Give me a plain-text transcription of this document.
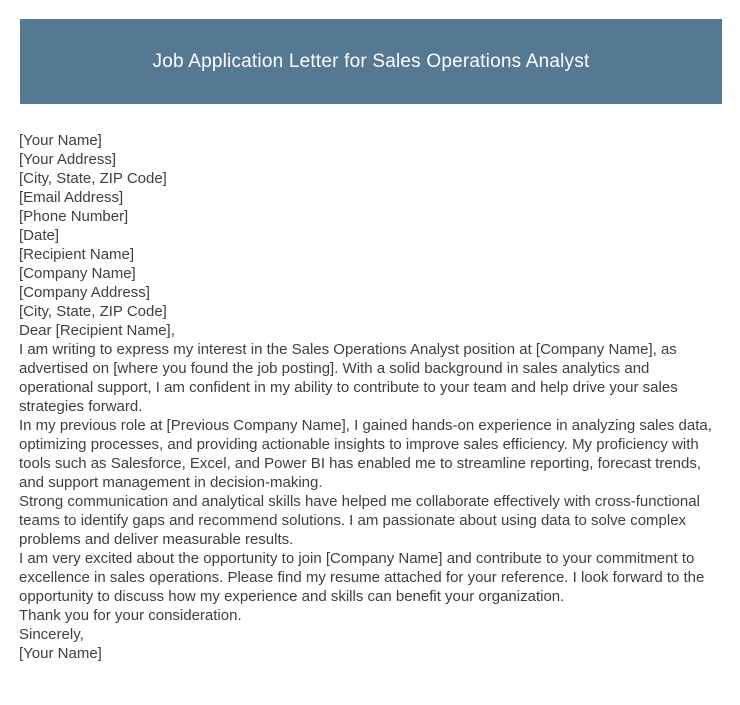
Job Application Letter for Sales Operations Analyst
[Your Name]
[Your Address]
[City, State, ZIP Code]
[Email Address]
[Phone Number]
[Date]
[Recipient Name]
[Company Name]
[Company Address]
[City, State, ZIP Code]
Dear [Recipient Name],

I am writing to express my interest in the Sales Operations Analyst position at [Company Name], as advertised on [where you found the job posting]. With a solid background in sales analytics and operational support, I am confident in my ability to contribute to your team and help drive your sales strategies forward.

In my previous role at [Previous Company Name], I gained hands-on experience in analyzing sales data, optimizing processes, and providing actionable insights to improve sales efficiency. My proficiency with tools such as Salesforce, Excel, and Power BI has enabled me to streamline reporting, forecast trends, and support management in decision-making.

Strong communication and analytical skills have helped me collaborate effectively with cross-functional teams to identify gaps and recommend solutions. I am passionate about using data to solve complex problems and deliver measurable results.

I am very excited about the opportunity to join [Company Name] and contribute to your commitment to excellence in sales operations. Please find my resume attached for your reference. I look forward to the opportunity to discuss how my experience and skills can benefit your organization.

Thank you for your consideration.
Sincerely,
[Your Name]
